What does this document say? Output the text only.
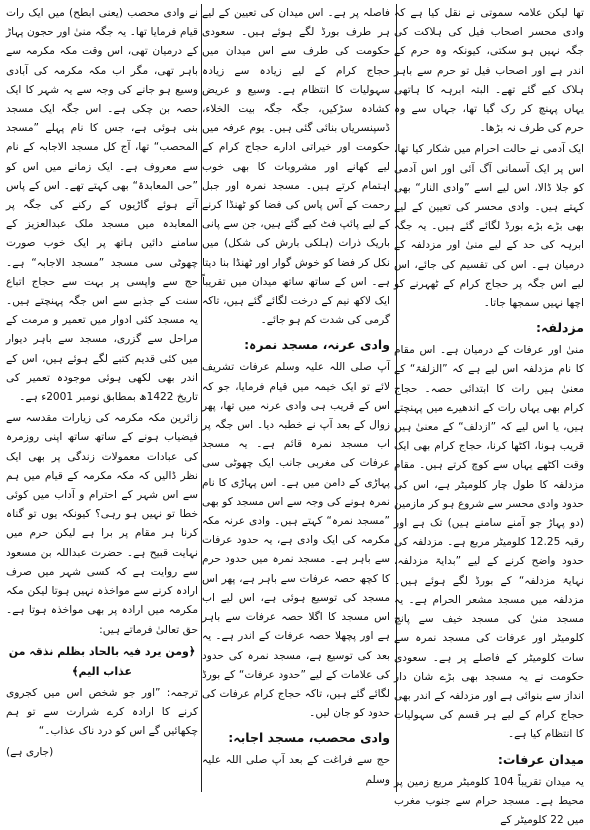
تھا لیکن علامہ سموتی نے نقل کیا ہے کہ وادی محسر اصحاب فیل کی ہلاکت کی جگہ نہیں ہو سکتی، کیونکہ وہ حرم کے اندر ہے اور اصحاب فیل تو حرم سے باہر ہلاک کیے گئے تھے۔ البتہ ابرہہ کا ہاتھی یہاں پہنچ کر رک گیا تھا، جہاں سے وہ حرم کی طرف نہ بڑھا۔

ایک آدمی نے حالت احرام میں شکار کیا تھا، اس پر ایک آسمانی آگ آئی اور اس آدمی کو جلا ڈالا، اس لیے اسے ”وادی النار“ بھی کہتے ہیں۔ وادی محسر کی تعیین کے لیے بھی بڑے بڑے بورڈ لگائے گئے ہیں۔ یہ جگہ ابرہہ کی حد کے لیے منیٰ اور مزدلفہ کے درمیان ہے۔ اس کی تقسیم کی جائے، اس لیے اس جگہ پر حجاج کرام کے ٹھہرنے کو اچھا نہیں سمجھا جاتا۔

مزدلفہ:

منیٰ اور عرفات کے درمیان ہے۔ اس مقام کا نام مزدلفہ اس لیے ہے کہ ”الزلفۃ“ کے معنیٰ ہیں رات کا ابتدائی حصہ۔ حجاج کرام بھی یہاں رات کے اندھیرے میں پہنچتے ہیں، یا اس لیے کہ ”ازدلف“ کے معنیٰ ہیں قریب ہونا، اکٹھا کرنا، حجاج کرام بھی ایک وقت اکٹھے یہاں سے کوچ کرتے ہیں۔ مقام مزدلفہ کا طول چار کلومیٹر ہے، اس کی حدود وادی محسر سے شروع ہو کر مازمین (دو پہاڑ جو آمنے سامنے ہیں) تک ہے اور رقبہ 12.25 کلومیٹر مربع ہے۔ مزدلفہ کی حدود واضح کرنے کے لیے ”بدایۃ مزدلفہ، نہایۃ مزدلفہ“ کے بورڈ لگے ہوئے ہیں۔ مزدلفہ میں مسجد مشعر الحرام ہے۔ یہ مسجد منیٰ کی مسجد خیف سے پانچ کلومیٹر اور عرفات کی مسجد نمرہ سے سات کلومیٹر کے فاصلے پر ہے۔ سعودی حکومت نے یہ مسجد بھی بڑے شان دار انداز سے بنوائی ہے اور مزدلفہ کے اندر بھی حجاج کرام کے لیے ہر قسم کی سہولیات کا انتظام کیا ہے۔

میدان عرفات:

یہ میدان تقریباً 104 کلومیٹر مربع زمین پر محیط ہے۔ مسجد حرام سے جنوب مغرب میں 22 کلومیٹر کے

فاصلہ پر ہے۔ اس میدان کی تعیین کے لیے ہر طرف بورڈ لگے ہوئے ہیں۔ سعودی حکومت کی طرف سے اس میدان میں حجاج کرام کے لیے زیادہ سے زیادہ سہولیات کا انتظام ہے۔ وسیع و عریض کشادہ سڑکیں، جگہ جگہ بیت الخلاء، ڈسپنسریاں بنائی گئی ہیں۔ یوم عرفہ میں حکومت اور خیراتی ادارے حجاج کرام کے لیے کھانے اور مشروبات کا بھی خوب اہتمام کرتے ہیں۔ مسجد نمرہ اور جبل رحمت کے آس پاس کی فضا کو ٹھنڈا کرنے کے لیے پائپ فٹ کیے گئے ہیں، جن سے پانی باریک ذرات (ہلکی بارش کی شکل) میں نکل کر فضا کو خوش گوار اور ٹھنڈا بنا دیتا ہے۔ اس کے ساتھ ساتھ میدان میں تقریباً ایک لاکھ نیم کے درخت لگائے گئے ہیں، تاکہ گرمی کی شدت کم ہو جائے۔

وادی عرنہ، مسجد نمرہ:

آپ صلی اللہ علیہ وسلم عرفات تشریف لائے تو ایک خیمہ میں قیام فرمایا، جو کہ اس کے قریب ہی وادی عرنہ میں تھا، پھر زوال کے بعد آپ نے خطبہ دیا۔ اس جگہ پر اب مسجد نمرہ قائم ہے۔ یہ مسجد عرفات کی مغربی جانب ایک چھوٹی سی پہاڑی کے دامن میں ہے۔ اس پہاڑی کا نام نمرہ ہونے کی وجہ سے اس مسجد کو بھی ”مسجد نمرہ“ کہتے ہیں۔ وادی عرنہ مکہ مکرمہ کی ایک وادی ہے، یہ حدود عرفات سے باہر ہے۔ مسجد نمرہ میں حدود حرم کا کچھ حصہ عرفات سے باہر ہے، پھر اس مسجد کی توسیع ہوئی ہے، اس لیے اب اس مسجد کا اگلا حصہ عرفات سے باہر ہے اور پچھلا حصہ عرفات کے اندر ہے۔ یہ بعد کی توسیع ہے، مسجد نمرہ کی حدود کی علامات کے لیے ”حدود عرفات“ کے بورڈ لگائے گئے ہیں، تاکہ حجاج کرام عرفات کی حدود کو جان لیں۔

وادی محصب، مسجد اجابہ:

حج سے فراغت کے بعد آپ صلی اللہ علیہ وسلم

نے وادی محصب (یعنی ابطح) میں ایک رات قیام فرمایا تھا۔ یہ جگہ منیٰ اور حجون پہاڑ کے درمیان تھی، اس وقت مکہ مکرمہ سے باہر تھی، مگر اب مکہ مکرمہ کی آبادی وسیع ہو جانے کی وجہ سے یہ شہر کا ایک حصہ بن چکی ہے۔ اس جگہ ایک مسجد بنی ہوئی ہے، جس کا نام پہلے ”مسجد المحصب“ تھا، آج کل مسجد الاجابہ کے نام سے معروف ہے۔ ایک زمانے میں اس کو ”حی المعابدۃ“ بھی کہتے تھے۔ اس کے پاس آتے ہوئے گاڑیوں کے رکنے کی جگہ پر المعابدہ میں مسجد ملک عبدالعزیز کے سامنے دائیں ہاتھ پر ایک خوب صورت چھوٹی سی مسجد ”مسجد الاجابہ“ ہے۔ حج سے واپسی پر بہت سے حجاج اتباع سنت کے جذبے سے اس جگہ پہنچتے ہیں۔ یہ مسجد کئی ادوار میں تعمیر و مرمت کے مراحل سے گزری، مسجد سے باہر دیوار میں کئی قدیم کتبے لگے ہوئے ہیں، اس کے اندر بھی لکھی ہوئی موجودہ تعمیر کی تاریخ 1422ھ بمطابق نومبر 2001ء ہے۔

زائرین مکہ مکرمہ کی زیارات مقدسہ سے فیضیاب ہونے کے ساتھ ساتھ اپنی روزمرہ کی عبادات معمولات زندگی پر بھی ایک نظر ڈالیں کہ مکہ مکرمہ کے قیام میں ہم سے اس شہر کے احترام و آداب میں کوئی خطا تو نہیں ہو رہی؟ کیونکہ یوں تو گناہ کرنا ہر مقام پر برا ہے لیکن حرم میں نہایت قبیح ہے۔ حضرت عبداللہ بن مسعود سے روایت ہے کہ کسی شہر میں صرف ارادہ کرنے سے مواخذہ نہیں ہوتا لیکن مکہ مکرمہ میں ارادہ پر بھی مواخذہ ہوتا ہے۔ حق تعالیٰ فرماتے ہیں:

﴿ومن یرد فیہ بالحاد بظلم نذقہ من عذاب الیم﴾

ترجمہ: ”اور جو شخص اس میں کجروی کرنے کا ارادہ کرے شرارت سے تو ہم چکھائیں گے اس کو درد ناک عذاب۔“

(جاری ہے)
